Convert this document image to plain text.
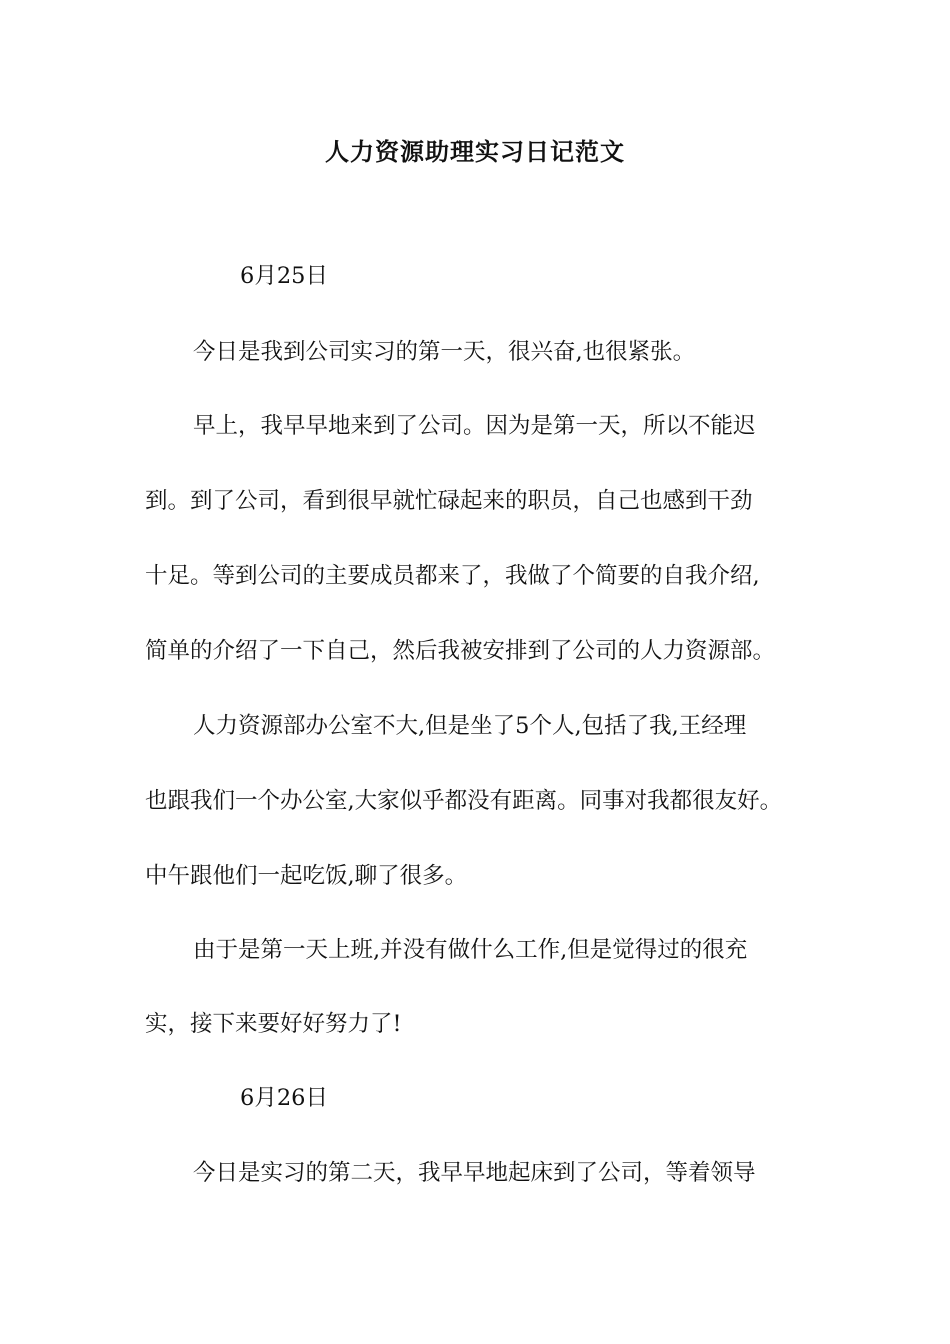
人力资源助理实习日记范文
6月25日
今日是我到公司实习的第一天，很兴奋,也很紧张。
早上，我早早地来到了公司。因为是第一天，所以不能迟
到。到了公司，看到很早就忙碌起来的职员，自己也感到干劲
十足。等到公司的主要成员都来了，我做了个简要的自我介绍,
简单的介绍了一下自己，然后我被安排到了公司的人力资源部。
人力资源部办公室不大,但是坐了5个人,包括了我,王经理
也跟我们一个办公室,大家似乎都没有距离。同事对我都很友好。
中午跟他们一起吃饭,聊了很多。
由于是第一天上班,并没有做什么工作,但是觉得过的很充
实，接下来要好好努力了!
6月26日
今日是实习的第二天，我早早地起床到了公司，等着领导
